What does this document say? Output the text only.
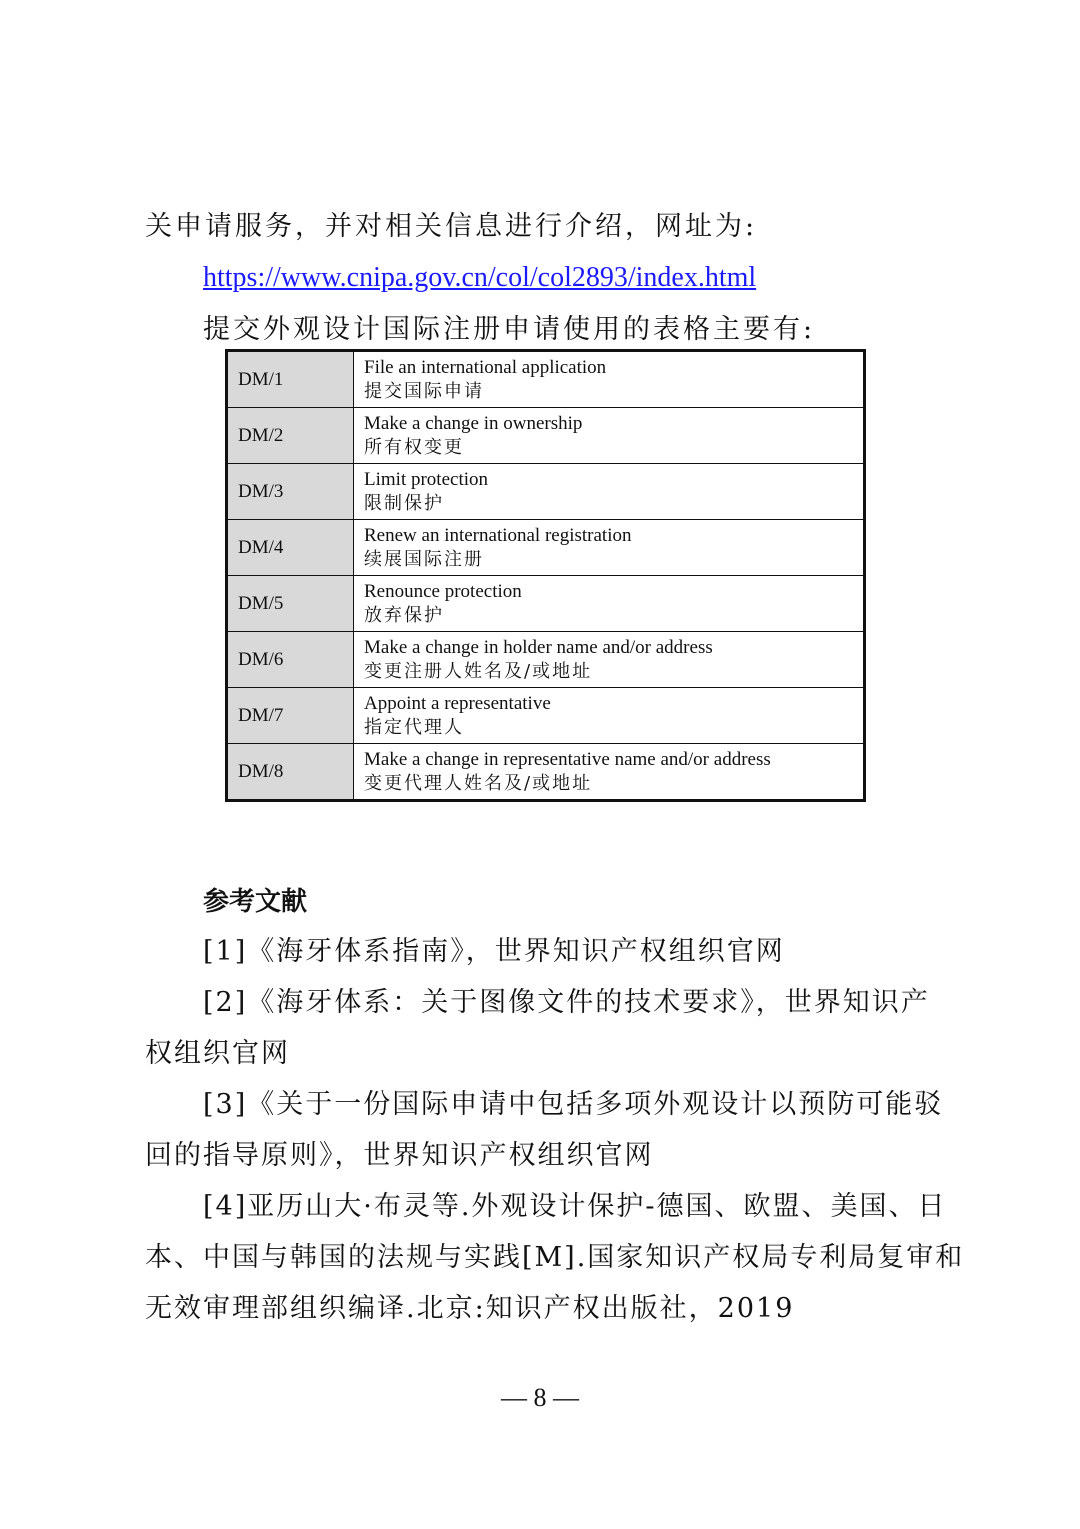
关申请服务，并对相关信息进行介绍，网址为:
https://www.cnipa.gov.cn/col/col2893/index.html
提交外观设计国际注册申请使用的表格主要有:
DM/1	File an international application
提交国际申请

DM/2	Make a change in ownership
所有权变更

DM/3	Limit protection
限制保护

DM/4	Renew an international registration
续展国际注册

DM/5	Renounce protection
放弃保护

DM/6	Make a change in holder name and/or address
变更注册人姓名及/或地址

DM/7	Appoint a representative
指定代理人

DM/8	Make a change in representative name and/or address
变更代理人姓名及/或地址
参考文献
[1]《海牙体系指南》，世界知识产权组织官网
[2]《海牙体系：关于图像文件的技术要求》，世界知识产
权组织官网
[3]《关于一份国际申请中包括多项外观设计以预防可能驳
回的指导原则》，世界知识产权组织官网
[4]亚历山大·布灵等.外观设计保护-德国、欧盟、美国、日
本、中国与韩国的法规与实践[M].国家知识产权局专利局复审和
无效审理部组织编译.北京:知识产权出版社，2019
— 8 —
